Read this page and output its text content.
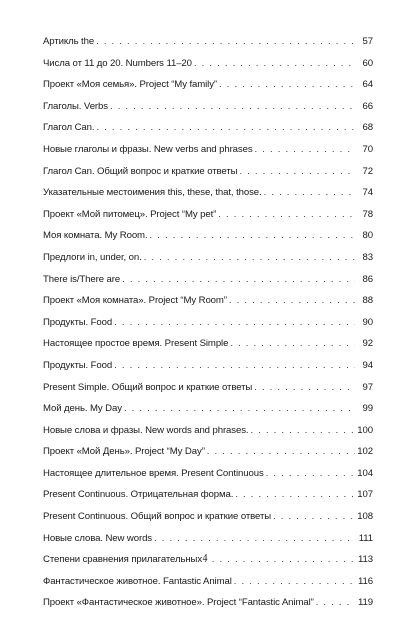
Артикль the . . .	57
Числа от 11 до 20. Numbers 11–20 . . .	60
Проект «Моя семья». Project “My family” . . .	64
Глаголы. Verbs . . .	66
Глагол Can. . . .	68
Новые глаголы и фразы. New verbs and phrases . . .	70
Глагол Can. Общий вопрос и краткие ответы . . .	72
Указательные местоимения this, these, that, those. . . .	74
Проект «Мой питомец». Project “My pet” . . .	78
Моя комната. My Room. . . .	80
Предлоги in, under, on. . . .	83
There is/There are . . .	86
Проект «Моя комната». Project “My Room” . . .	88
Продукты. Food . . .	90
Настоящее простое время. Present Simple . . .	92
Продукты. Food . . .	94
Present Simple. Общий вопрос и краткие ответы . . .	97
Мой день. My Day . . .	99
Новые слова и фразы. New words and phrases. . . .	100
Проект «Мой День». Project “My Day” . . .	102
Настоящее длительное время. Present Continuous . . .	104
Present Continuous. Отрицательная форма. . . .	107
Present Continuous. Общий вопрос и краткие ответы . . .	108
Новые слова. New words . . .	111
Степени сравнения прилагательных . . .	113
Фантастическое животное. Fantastic Animal . . .	116
Проект «Фантастическое животное». Project “Fantastic Animal” . . .	119
4
